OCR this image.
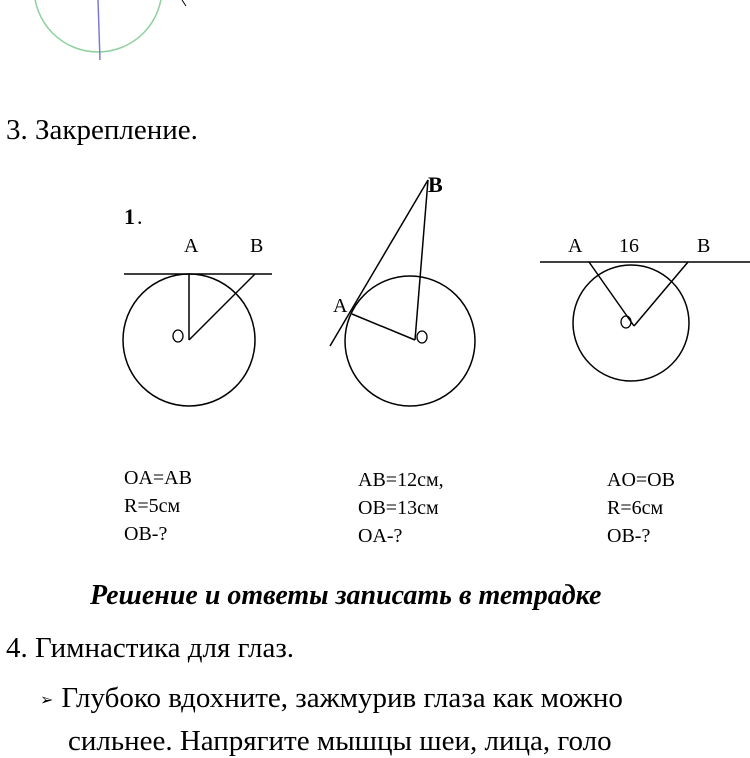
3. Закрепление.
1 .
A	B
A
B
A 16	B
OA=AB
R=5см
OB-?
AB=12см,
OB=13см
OA-?
AO=OB
R=6см
OB-?
Решение и ответы записать в тетрадке
4. Гимнастика для глаз.
➢ Глубоко вдохните, зажмурив глаза как можно
сильнее. Напрягите мышцы шеи, лица, голо
